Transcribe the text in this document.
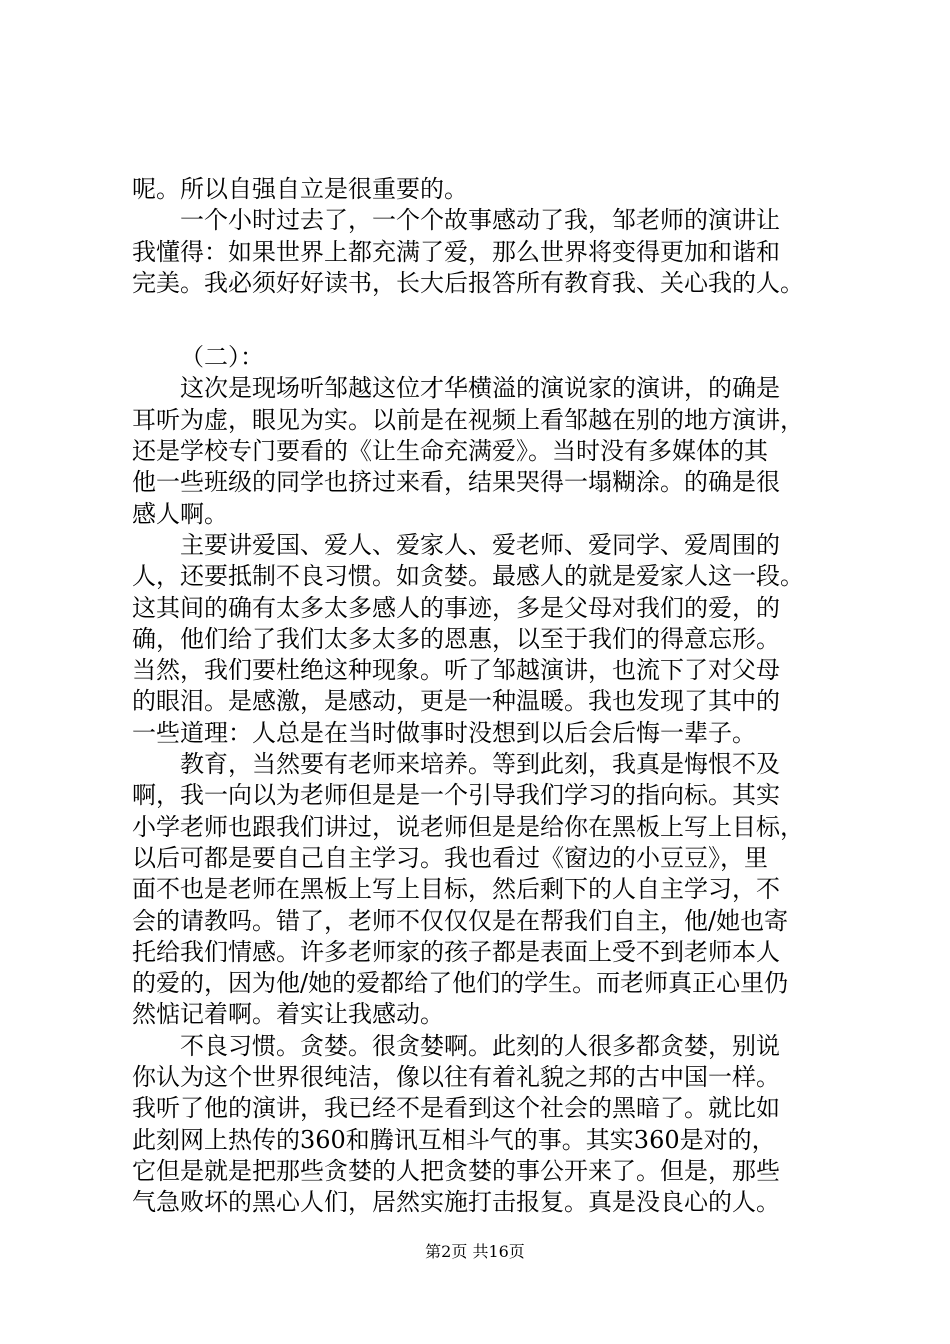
呢。所以自强自立是很重要的。
一个小时过去了，一个个故事感动了我，邹老师的演讲让
我懂得：如果世界上都充满了爱，那么世界将变得更加和谐和
完美。我必须好好读书，长大后报答所有教育我、关心我的人。
（二）：
这次是现场听邹越这位才华横溢的演说家的演讲，的确是
耳听为虚，眼见为实。以前是在视频上看邹越在别的地方演讲，
还是学校专门要看的《让生命充满爱》。当时没有多媒体的其
他一些班级的同学也挤过来看，结果哭得一塌糊涂。的确是很
感人啊。
主要讲爱国、爱人、爱家人、爱老师、爱同学、爱周围的
人，还要抵制不良习惯。如贪婪。最感人的就是爱家人这一段。
这其间的确有太多太多感人的事迹，多是父母对我们的爱，的
确，他们给了我们太多太多的恩惠，以至于我们的得意忘形。
当然，我们要杜绝这种现象。听了邹越演讲，也流下了对父母
的眼泪。是感激，是感动，更是一种温暖。我也发现了其中的
一些道理：人总是在当时做事时没想到以后会后悔一辈子。
教育，当然要有老师来培养。等到此刻，我真是悔恨不及
啊，我一向以为老师但是是一个引导我们学习的指向标。其实
小学老师也跟我们讲过，说老师但是是给你在黑板上写上目标，
以后可都是要自己自主学习。我也看过《窗边的小豆豆》，里
面不也是老师在黑板上写上目标，然后剩下的人自主学习，不
会的请教吗。错了，老师不仅仅仅是在帮我们自主，他/她也寄
托给我们情感。许多老师家的孩子都是表面上受不到老师本人
的爱的，因为他/她的爱都给了他们的学生。而老师真正心里仍
然惦记着啊。着实让我感动。
不良习惯。贪婪。很贪婪啊。此刻的人很多都贪婪，别说
你认为这个世界很纯洁，像以往有着礼貌之邦的古中国一样。
我听了他的演讲，我已经不是看到这个社会的黑暗了。就比如
此刻网上热传的360和腾讯互相斗气的事。其实360是对的，
它但是就是把那些贪婪的人把贪婪的事公开来了。但是，那些
气急败坏的黑心人们，居然实施打击报复。真是没良心的人。
第2页 共16页
